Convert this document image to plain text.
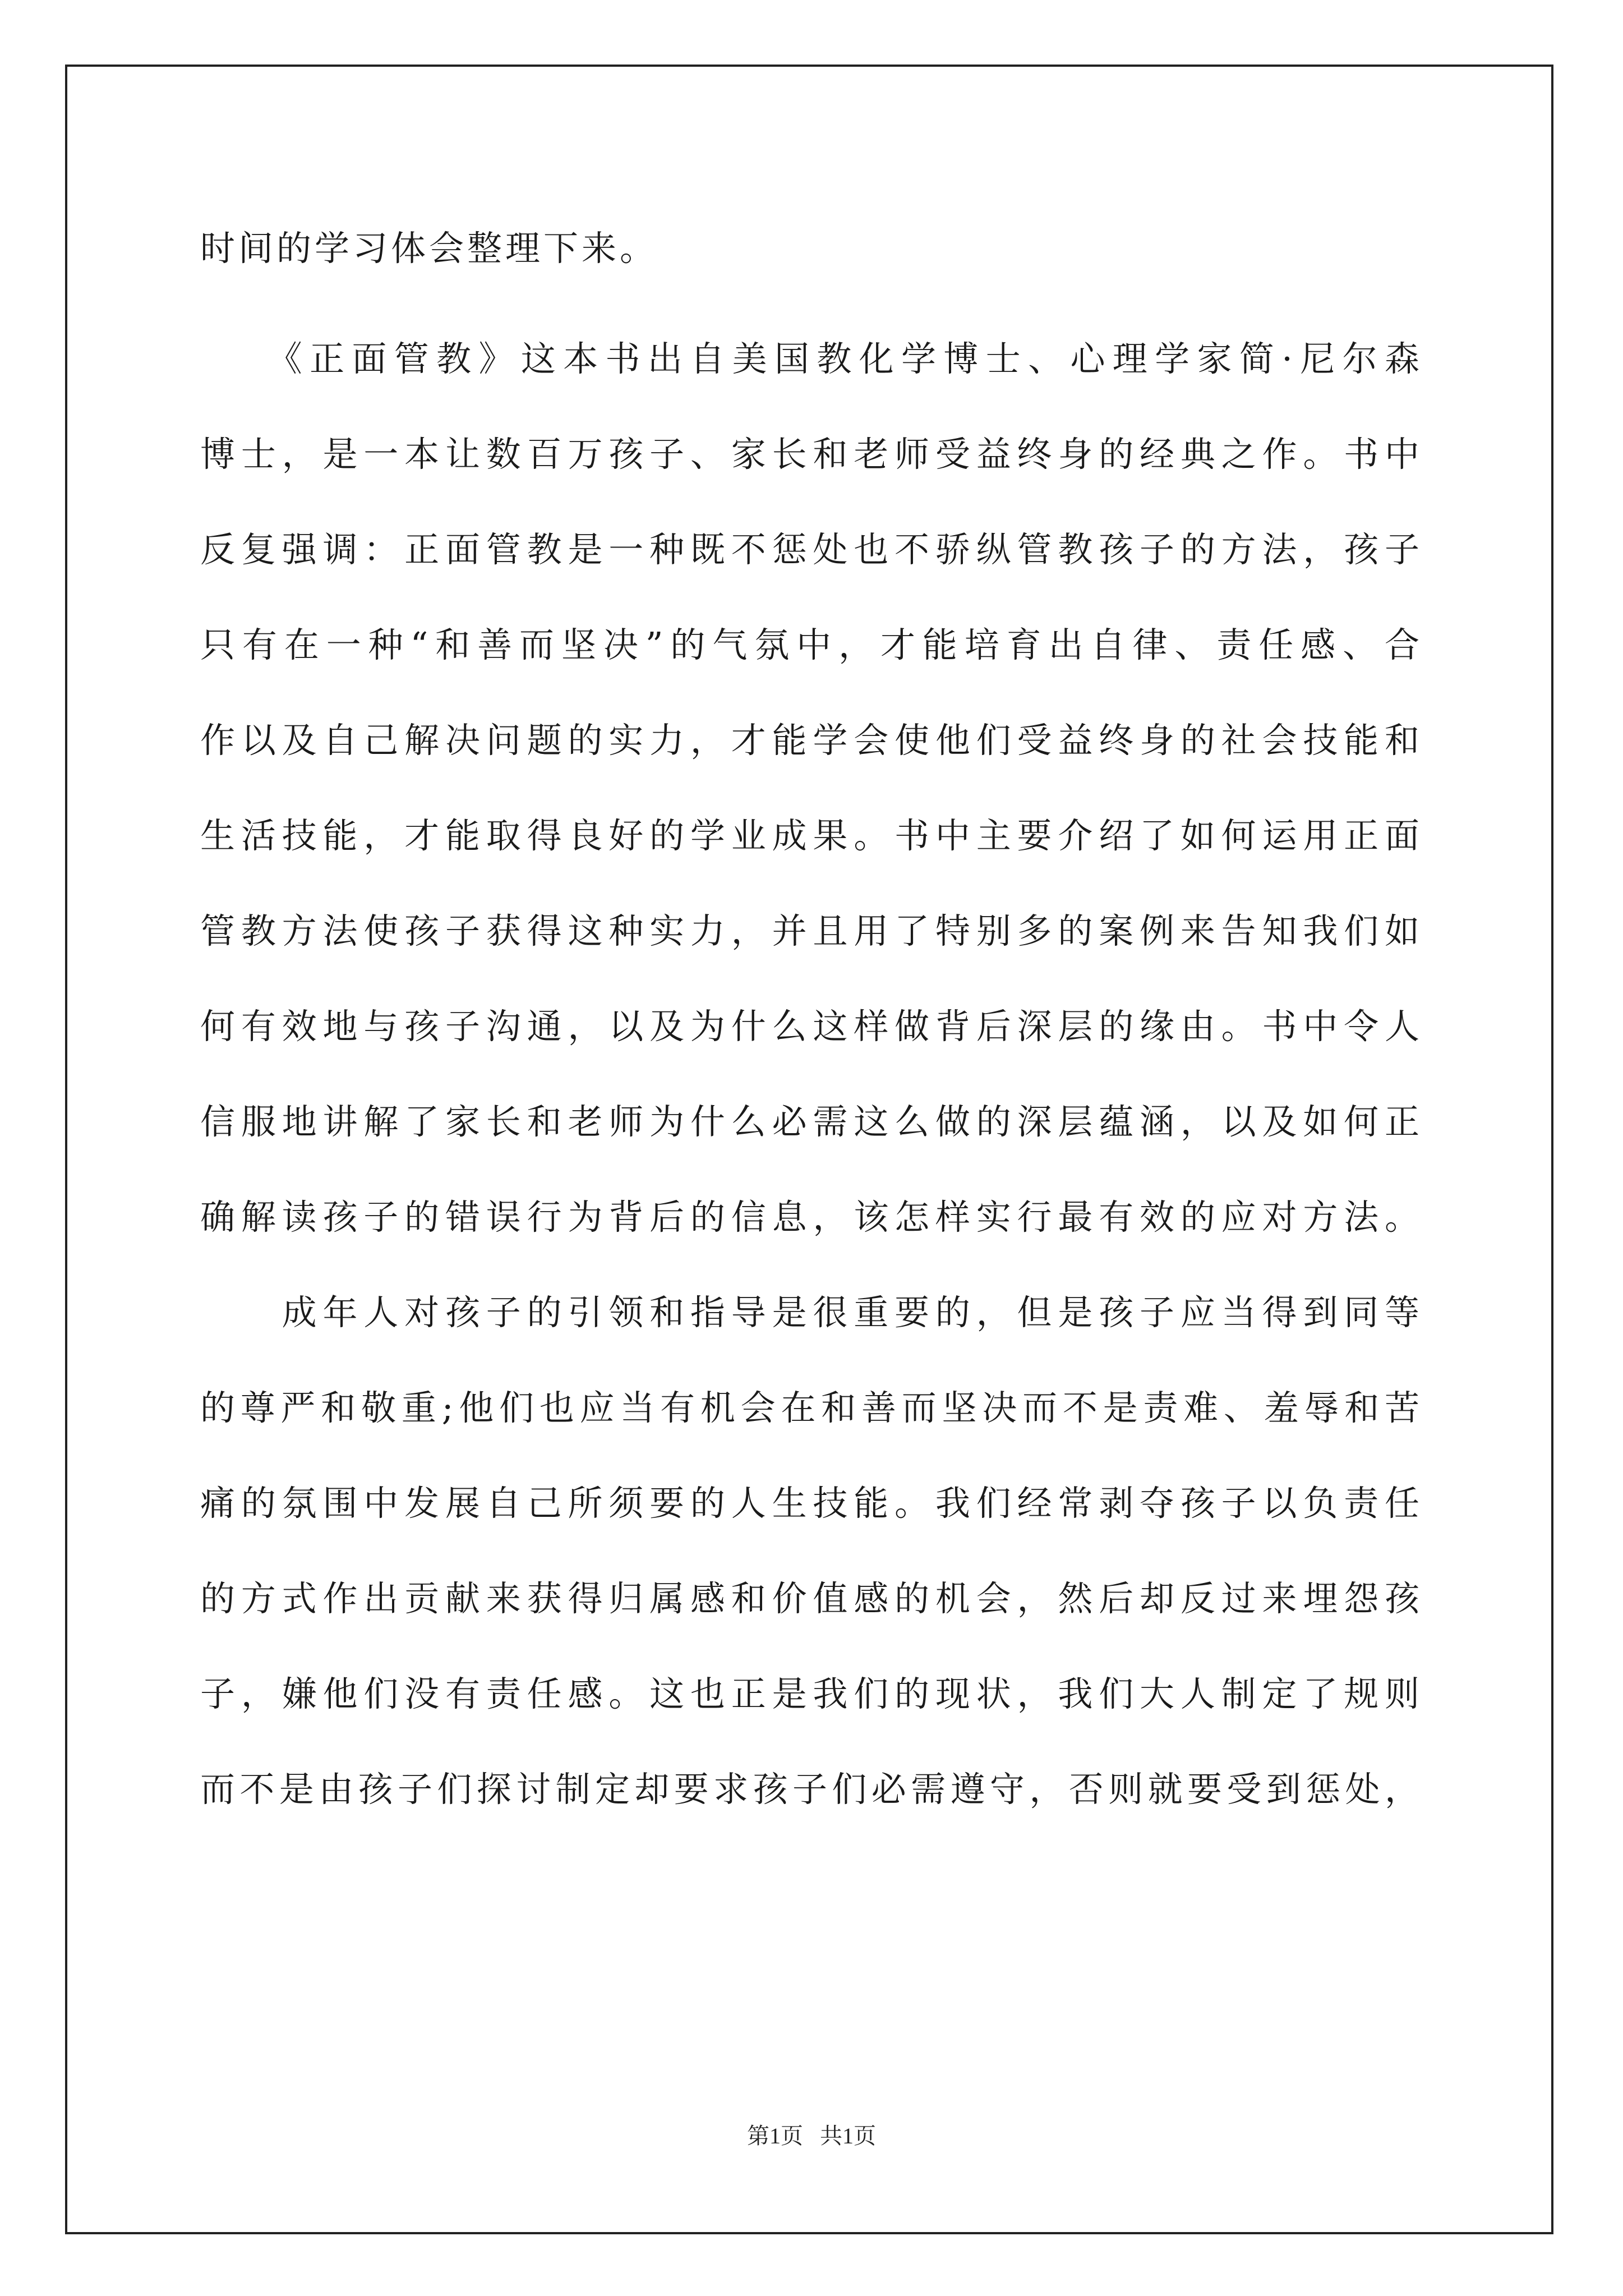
时间的学习体会整理下来。
　　《正面管教》这本书出自美国教化学博士、心理学家简·尼尔森
博士，是一本让数百万孩子、家长和老师受益终身的经典之作。书中
反复强调：正面管教是一种既不惩处也不骄纵管教孩子的方法，孩子
只有在一种“和善而坚决”的气氛中，才能培育出自律、责任感、合
作以及自己解决问题的实力，才能学会使他们受益终身的社会技能和
生活技能，才能取得良好的学业成果。书中主要介绍了如何运用正面
管教方法使孩子获得这种实力，并且用了特别多的案例来告知我们如
何有效地与孩子沟通，以及为什么这样做背后深层的缘由。书中令人
信服地讲解了家长和老师为什么必需这么做的深层蕴涵，以及如何正
确解读孩子的错误行为背后的信息，该怎样实行最有效的应对方法。
　　成年人对孩子的引领和指导是很重要的，但是孩子应当得到同等
的尊严和敬重;他们也应当有机会在和善而坚决而不是责难、羞辱和苦
痛的氛围中发展自己所须要的人生技能。我们经常剥夺孩子以负责任
的方式作出贡献来获得归属感和价值感的机会，然后却反过来埋怨孩
子，嫌他们没有责任感。这也正是我们的现状，我们大人制定了规则
而不是由孩子们探讨制定却要求孩子们必需遵守，否则就要受到惩处，
第1页 共1页
